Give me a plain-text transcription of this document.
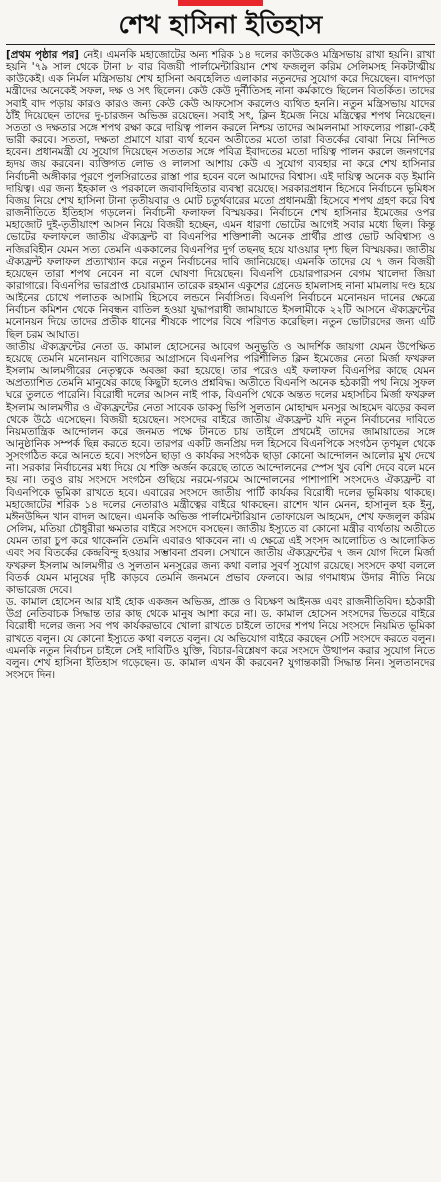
শেখ হাসিনা ইতিহাস

[প্রথম পৃষ্ঠার পর] নেই। এমনকি মহাজোটের অন্য শরিক ১৪ দলের কাউকেও মন্ত্রিসভায় রাখা হয়নি। রাখা হয়নি '৭৯ সাল থেকে টানা ৮ বার বিজয়ী পার্লামেন্টারিয়ান শেখ ফজলুল করিম সেলিমসহ নিকটাত্মীয় কাউকেই। এক নির্মল মন্ত্রিসভায় শেখ হাসিনা অবহেলিত এলাকার নতুনদের সুযোগ করে দিয়েছেন। বাদপড়া মন্ত্রীদের অনেকেই সফল, দক্ষ ও সৎ ছিলেন। কেউ কেউ দুর্নীতিসহ নানা কর্মকাণ্ডে ছিলেন বিতর্কিত। তাদের সবাই বাদ পড়ায় কারও কারও জন্য কেউ কেউ আফসোস করলেও ব্যথিত হননি। নতুন মন্ত্রিসভায় যাদের ঠাঁই দিয়েছেন তাদের দু-চারজন অভিজ্ঞ রয়েছেন। সবাই সৎ, ক্লিন ইমেজ নিয়ে মন্ত্রিত্বের শপথ নিয়েছেন। সততা ও দক্ষতার সঙ্গে শপথ রক্ষা করে দায়িত্ব পালন করলে নিশ্চয় তাদের আমলনামা সাফল্যের পাল্লা-কেই ভারী করবে। সততা, দক্ষতা প্রমাণে যারা ব্যর্থ হবেন অতীতের মতো তারা বিতর্কের বোঝা নিয়ে নিন্দিত হবেন। প্রধানমন্ত্রী যে সুযোগ দিয়েছেন সততার সঙ্গে পবিত্র ইবাদতের মতো দায়িত্ব পালন করলে জনগণের হৃদয় জয় করবেন। ব্যক্তিগত লোভ ও লালসা আশায় কেউ এ সুযোগ ব্যবহার না করে শেখ হাসিনার নির্বাচনী অঙ্গীকার পূরণে পুলসিরাতের রাস্তা পার হবেন বলে আমাদের বিশ্বাস। এই দায়িত্ব অনেক বড় ইমানি দায়িত্ব। এর জন্য ইহকাল ও পরকালে জবাবদিহিতার ব্যবস্থা রয়েছে। সরকারপ্রধান হিসেবে নির্বাচনে ভূমিধস বিজয় নিয়ে শেখ হাসিনা টানা তৃতীয়বার ও মোট চতুর্থবারের মতো প্রধানমন্ত্রী হিসেবে শপথ গ্রহণ করে বিশ্ব রাজনীতিতে ইতিহাস গড়লেন। নির্বাচনী ফলাফল বিস্ময়কর। নির্বাচনে শেখ হাসিনার ইমেজের ওপর মহাজোট দুই-তৃতীয়াংশ আসন নিয়ে বিজয়ী হচ্ছেন, এমন ধারণা ভোটের আগেই সবার মধ্যে ছিল। কিন্তু ভোটের ফলাফলে জাতীয় ঐক্যফ্রন্ট বা বিএনপির শক্তিশালী অনেক প্রার্থীর প্রাপ্ত ভোট অবিশ্বাস্য ও নজিরবিহীন যেমন সত্য তেমনি এককালের বিএনপির দুর্গ তছনছ হয়ে যাওয়ার দৃশ্য ছিল বিস্ময়কর। জাতীয় ঐক্যফ্রন্ট ফলাফল প্রত্যাখ্যান করে নতুন নির্বাচনের দাবি জানিয়েছে। এমনকি তাদের যে ৭ জন বিজয়ী হয়েছেন তারা শপথ নেবেন না বলে ঘোষণা দিয়েছেন। বিএনপি চেয়ারপারসন বেগম খালেদা জিয়া কারাগারে। বিএনপির ভারপ্রাপ্ত চেয়ারম্যান তারেক রহমান একুশের গ্রেনেড হামলাসহ নানা মামলায় দণ্ড হয়ে আইনের চোখে পলাতক আসামি হিসেবে লন্ডনে নির্বাসিত। বিএনপি নির্বাচনে মনোনয়ন দানের ক্ষেত্রে নির্বাচন কমিশন থেকে নিবন্ধন বাতিল হওয়া যুদ্ধাপরাধী জামায়াতে ইসলামীকে ২২টি আসনে ঐক্যফ্রন্টের মনোনয়ন দিয়ে তাদের প্রতীক ধানের শীষকে পাপের বিষে পরিণত করেছিল। নতুন ভোটারদের জন্য এটি ছিল চরম আঘাত।

জাতীয় ঐক্যফ্রন্টের নেতা ড. কামাল হোসেনের আবেগ অনুভূতি ও আদর্শিক জায়গা যেমন উপেক্ষিত হয়েছে তেমনি মনোনয়ন বাণিজ্যের আগ্রাসনে বিএনপির পরিশীলিত ক্লিন ইমেজের নেতা মির্জা ফখরুল ইসলাম আলমগীরের নেতৃত্বকে অবজ্ঞা করা হয়েছে। তার পরেও এই ফলাফল বিএনপির কাছে যেমন অপ্রত্যাশিত তেমনি মানুষের কাছে কিছুটা হলেও প্রশ্নবিদ্ধ। অতীতে বিএনপি অনেক হঠকারী পথ নিয়ে সুফল ঘরে তুলতে পারেনি। বিরোধী দলের আসন নাই পাক, বিএনপি থেকে অন্তত দলের মহাসচিব মির্জা ফখরুল ইসলাম আলমগীর ও ঐক্যফ্রন্টের নেতা সাবেক ডাকসু ভিপি সুলতান মোহাম্মদ মনসুর আহমেদ ঝড়ের কবল থেকে উঠে এসেছেন। বিজয়ী হয়েছেন। সংসদের বাইরে জাতীয় ঐক্যফ্রন্ট যদি নতুন নির্বাচনের দাবিতে নিয়মতান্ত্রিক আন্দোলন করে জনমত পক্ষে টানতে চায় তাইলে প্রথমেই তাদের জামায়াতের সঙ্গে আনুষ্ঠানিক সম্পর্ক ছিন্ন করতে হবে। তারপর একটি জনপ্রিয় দল হিসেবে বিএনপিকে সংগঠন তৃণমূল থেকে সুসংগঠিত করে আনতে হবে। সংগঠন ছাড়া ও কার্যকর সংগঠক ছাড়া কোনো আন্দোলন আলোর মুখ দেখে না। সরকার নির্বাচনের মধ্য দিয়ে যে শক্তি অর্জন করেছে তাতে আন্দোলনের স্পেস খুব বেশি দেবে বলে মনে হয় না। তবুও রায় সংসদে সংগঠন গুছিয়ে নরমে-গরমে আন্দোলনের পাশাপাশি সংসদেও ঐক্যফ্রন্ট বা বিএনপিকে ভূমিকা রাখতে হবে। এবারের সংসদে জাতীয় পার্টি কার্যকর বিরোধী দলের ভূমিকায় থাকছে। মহাজোটের শরিক ১৪ দলের নেতারাও মন্ত্রীত্বের বাইরে থাকছেন। রাশেদ খান মেনন, হাসানুল হক ইনু, মঈনউদ্দিন খান বাদল আছেন। এমনকি অভিজ্ঞ পার্লামেন্টারিয়ান তোফায়েল আহমেদ, শেখ ফজলুল করিম সেলিম, মতিয়া চৌধুরীরা ক্ষমতার বাইরে সংসদে বসছেন। জাতীয় ইস্যুতে বা কোনো মন্ত্রীর ব্যর্থতায় অতীতে যেমন তারা চুপ করে থাকেননি তেমনি এবারও থাকবেন না। এ ক্ষেত্রে এই সংসদ আলোচিত ও আলোকিত এবং সব বিতর্কের কেন্দ্রবিন্দু হওয়ার সম্ভাবনা প্রবল। সেখানে জাতীয় ঐক্যফ্রন্টের ৭ জন যোগ দিলে মির্জা ফখরুল ইসলাম আলমগীর ও সুলতান মনসুরের জন্য কথা বলার সুবর্ণ সুযোগ রয়েছে। সংসদে কথা বললে বিতর্ক যেমন মানুষের দৃষ্টি কাড়বে তেমনি জনমনে প্রভাব ফেলবে। আর গণমাধ্যম উদার নীতি নিয়ে কাভারেজ দেবে।

ড. কামাল হোসেন আর যাই হোক একজন অভিজ্ঞ, প্রাজ্ঞ ও বিচক্ষণ আইনজ্ঞ এবং রাজনীতিবিদ। হঠকারী উগ্র নেতিবাচক সিদ্ধান্ত তার কাছ থেকে মানুষ আশা করে না। ড. কামাল হোসেন সংসদের ভিতরে বাইরে বিরোধী দলের জন্য সব পথ কার্যকরভাবে খোলা রাখতে চাইলে তাদের শপথ নিয়ে সংসদে নিয়মিত ভূমিকা রাখতে বলুন। যে কোনো ইস্যুতে কথা বলতে বলুন। যে অভিযোগ বাইরে করছেন সেটি সংসদে করতে বলুন। এমনকি নতুন নির্বাচন চাইলে সেই দাবিটিও যুক্তি, বিচার-বিশ্লেষণ করে সংসদে উত্থাপন করার সুযোগ নিতে বলুন। শেখ হাসিনা ইতিহাস গড়েছেন। ড. কামাল এখন কী করবেন? যুগান্তকারী সিদ্ধান্ত নিন। সুলতানদের সংসদে দিন।
